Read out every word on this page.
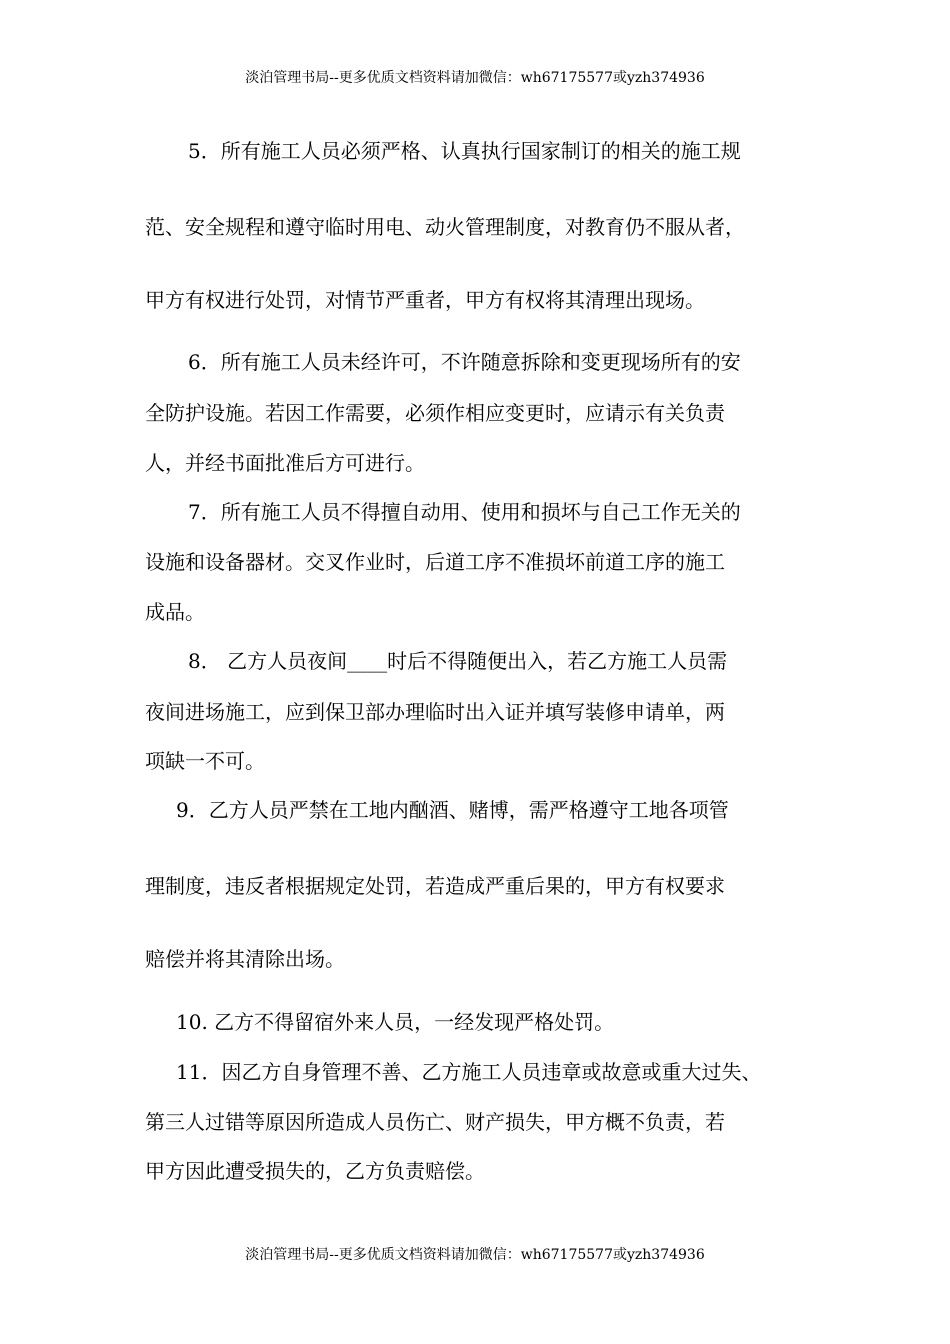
淡泊管理书局--更多优质文档资料请加微信：wh67175577或yzh374936
5．所有施工人员必须严格、认真执行国家制订的相关的施工规
范、安全规程和遵守临时用电、动火管理制度，对教育仍不服从者，
甲方有权进行处罚，对情节严重者，甲方有权将其清理出现场。
6．所有施工人员未经许可，不许随意拆除和变更现场所有的安
全防护设施。若因工作需要，必须作相应变更时，应请示有关负责
人，并经书面批准后方可进行。
7．所有施工人员不得擅自动用、使用和损坏与自己工作无关的
设施和设备器材。交叉作业时，后道工序不准损坏前道工序的施工
成品。
8． 乙方人员夜间____时后不得随便出入，若乙方施工人员需
夜间进场施工，应到保卫部办理临时出入证并填写装修申请单，两
项缺一不可。
9．乙方人员严禁在工地内酗酒、赌博，需严格遵守工地各项管
理制度，违反者根据规定处罚，若造成严重后果的，甲方有权要求
赔偿并将其清除出场。
10. 乙方不得留宿外来人员，一经发现严格处罚。
11．因乙方自身管理不善、乙方施工人员违章或故意或重大过失、
第三人过错等原因所造成人员伤亡、财产损失，甲方概不负责，若
甲方因此遭受损失的，乙方负责赔偿。
淡泊管理书局--更多优质文档资料请加微信：wh67175577或yzh374936
